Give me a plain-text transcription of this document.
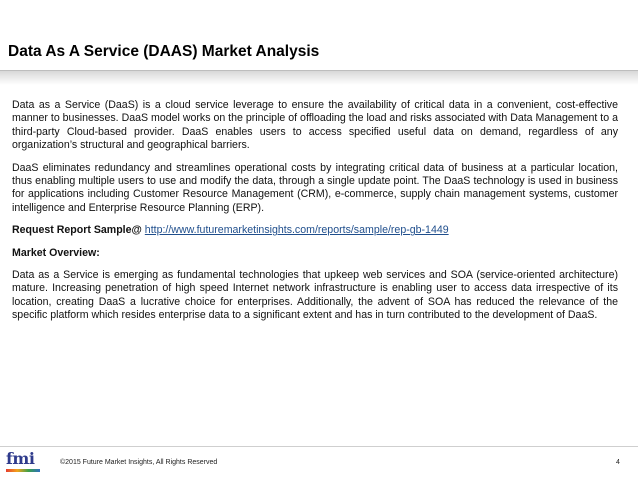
Data As A Service (DAAS) Market Analysis

Data as a Service (DaaS) is a cloud service leverage to ensure the availability of critical data in a convenient, cost-effective manner to businesses. DaaS model works on the principle of offloading the load and risks associated with Data Management to a third-party Cloud-based provider. DaaS enables users to access specified useful data on demand, regardless of any organization’s structural and geographical barriers.

DaaS eliminates redundancy and streamlines operational costs by integrating critical data of business at a particular location, thus enabling multiple users to use and modify the data, through a single update point. The DaaS technology is used in business for applications including Customer Resource Management (CRM), e-commerce, supply chain management systems, customer intelligence and Enterprise Resource Planning (ERP).

Request Report Sample@ http://www.futuremarketinsights.com/reports/sample/rep-gb-1449

Market Overview:

Data as a Service is emerging as fundamental technologies that upkeep web services and SOA (service-oriented architecture) mature. Increasing penetration of high speed Internet network infrastructure is enabling user to access data irrespective of its location, creating DaaS a lucrative choice for enterprises. Additionally, the advent of SOA has reduced the relevance of the specific platform which resides enterprise data to a significant extent and has in turn contributed to the development of DaaS.

fmi	©2015 Future Market Insights, All Rights Reserved	4
